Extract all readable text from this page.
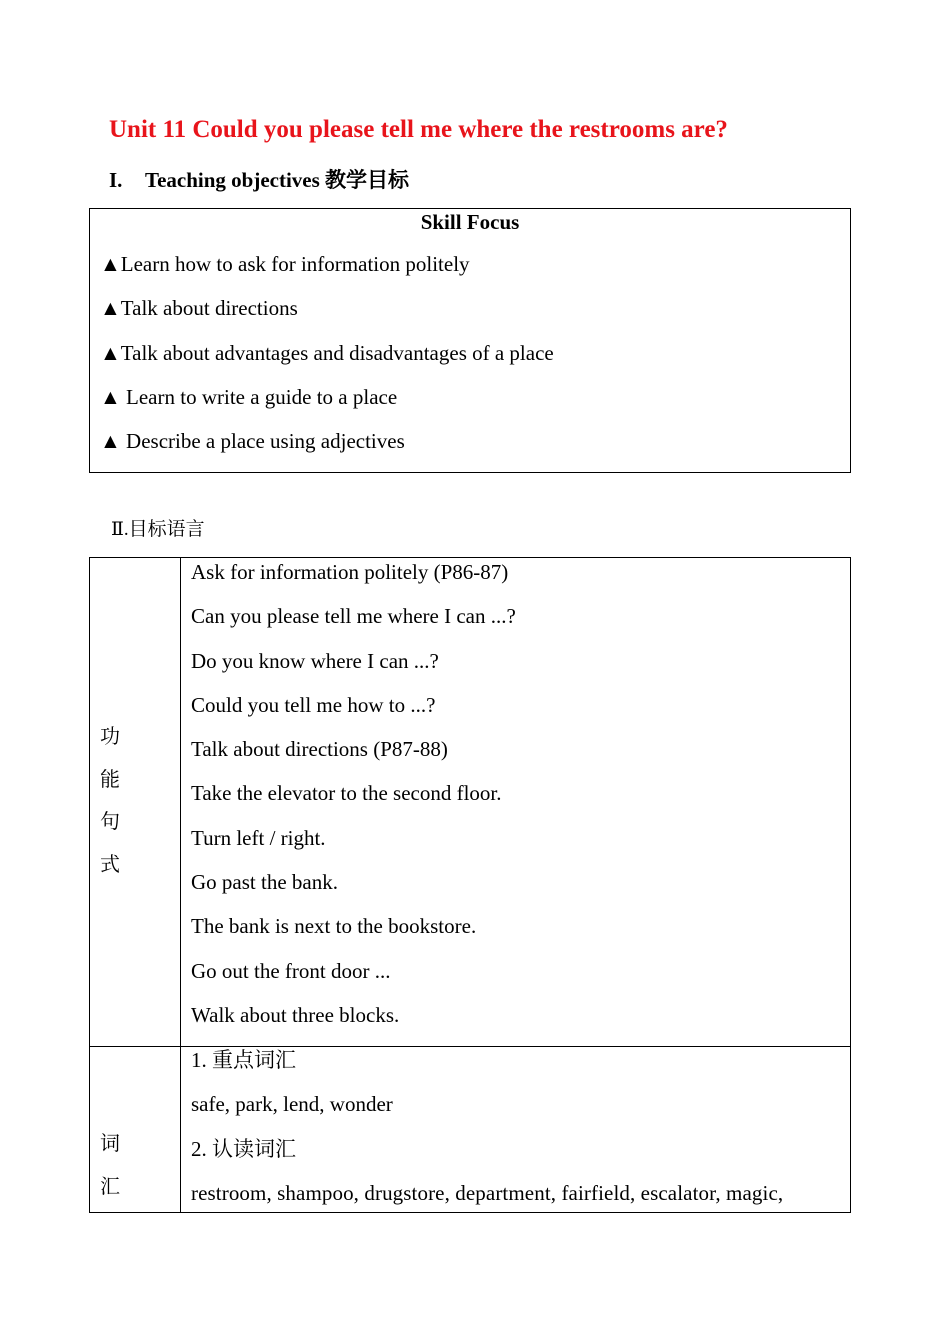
Unit 11 Could you please tell me where the restrooms are?
I. Teaching objectives 教学目标
Skill Focus
▲Learn how to ask for information politely
▲Talk about directions
▲Talk about advantages and disadvantages of a place
▲ Learn to write a guide to a place
▲ Describe a place using adjectives
Ⅱ.目标语言
功
能
句
式
Ask for information politely (P86-87)
Can you please tell me where I can ...?
Do you know where I can ...?
Could you tell me how to ...?
Talk about directions (P87-88)
Take the elevator to the second floor.
Turn left / right.
Go past the bank.
The bank is next to the bookstore.
Go out the front door ...
Walk about three blocks.
词
汇
1. 重点词汇
safe, park, lend, wonder
2. 认读词汇
restroom, shampoo, drugstore, department, fairfield, escalator, magic,
